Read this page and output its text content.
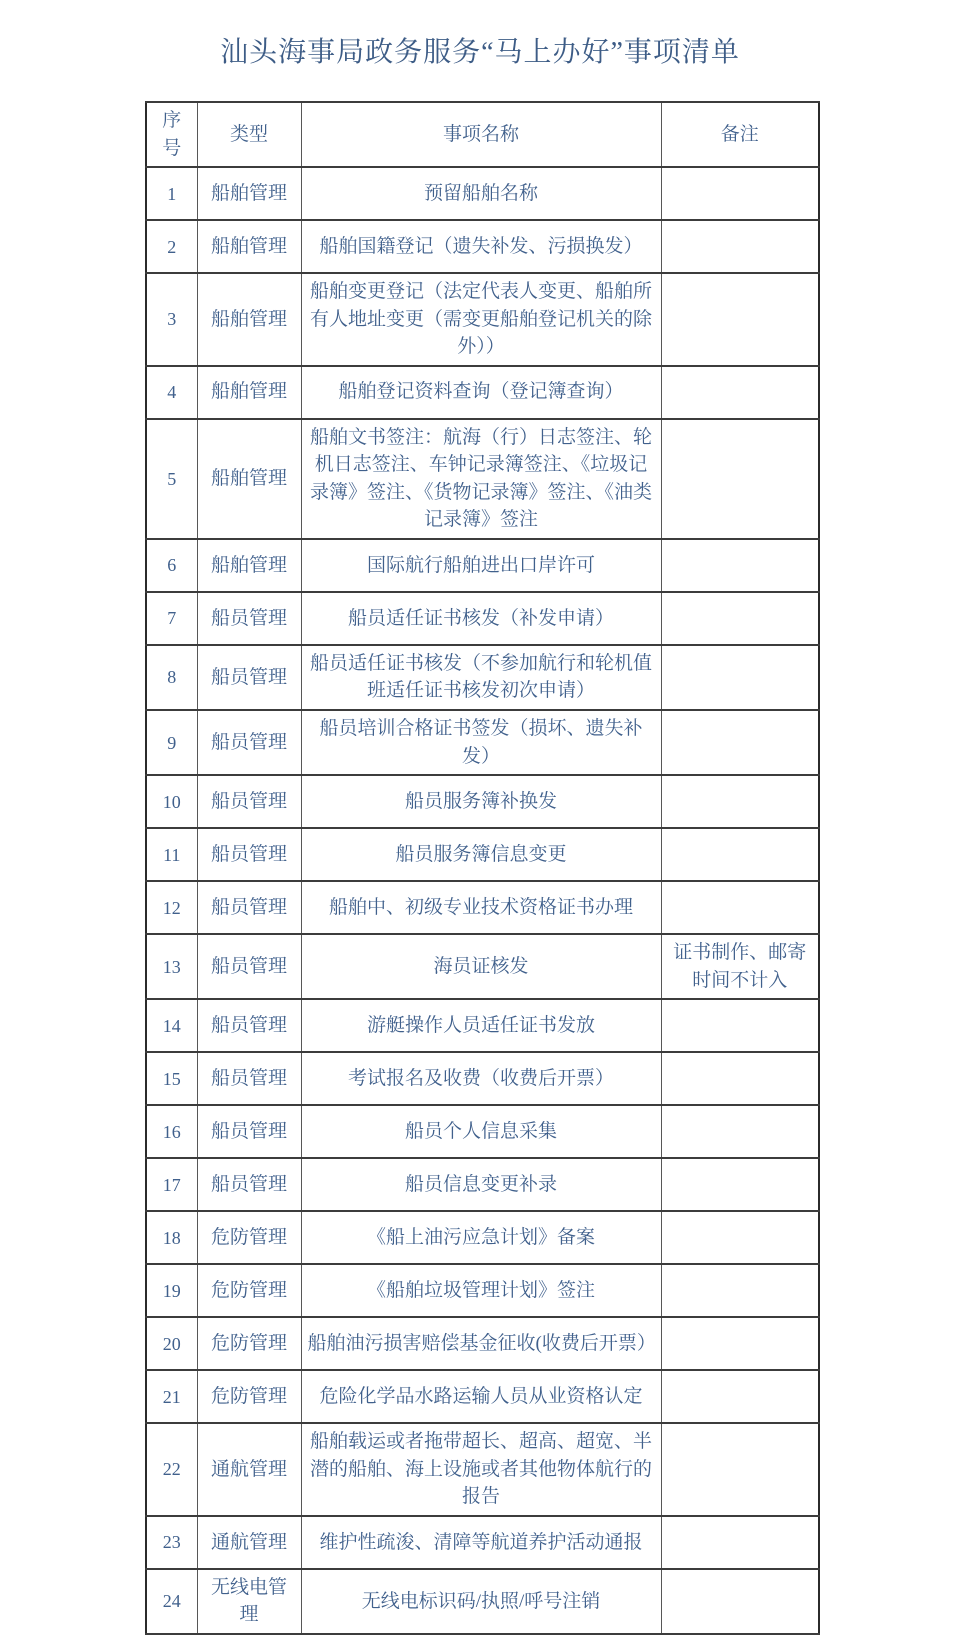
汕头海事局政务服务“马上办好”事项清单
序号	类型	事项名称	备注
1	船舶管理	预留船舶名称	
2	船舶管理	船舶国籍登记（遗失补发、污损换发）	
3	船舶管理	船舶变更登记（法定代表人变更、船舶所有人地址变更（需变更船舶登记机关的除外））	
4	船舶管理	船舶登记资料查询（登记簿查询）	
5	船舶管理	船舶文书签注：航海（行）日志签注、轮机日志签注、车钟记录簿签注、《垃圾记录簿》签注、《货物记录簿》签注、《油类记录簿》签注	
6	船舶管理	国际航行船舶进出口岸许可	
7	船员管理	船员适任证书核发（补发申请）	
8	船员管理	船员适任证书核发（不参加航行和轮机值班适任证书核发初次申请）	
9	船员管理	船员培训合格证书签发（损坏、遗失补发）	
10	船员管理	船员服务簿补换发	
11	船员管理	船员服务簿信息变更	
12	船员管理	船舶中、初级专业技术资格证书办理	
13	船员管理	海员证核发	证书制作、邮寄时间不计入
14	船员管理	游艇操作人员适任证书发放	
15	船员管理	考试报名及收费（收费后开票）	
16	船员管理	船员个人信息采集	
17	船员管理	船员信息变更补录	
18	危防管理	《船上油污应急计划》备案	
19	危防管理	《船舶垃圾管理计划》签注	
20	危防管理	船舶油污损害赔偿基金征收(收费后开票）	
21	危防管理	危险化学品水路运输人员从业资格认定	
22	通航管理	船舶载运或者拖带超长、超高、超宽、半潜的船舶、海上设施或者其他物体航行的报告	
23	通航管理	维护性疏浚、清障等航道养护活动通报	
24	无线电管理	无线电标识码/执照/呼号注销	
